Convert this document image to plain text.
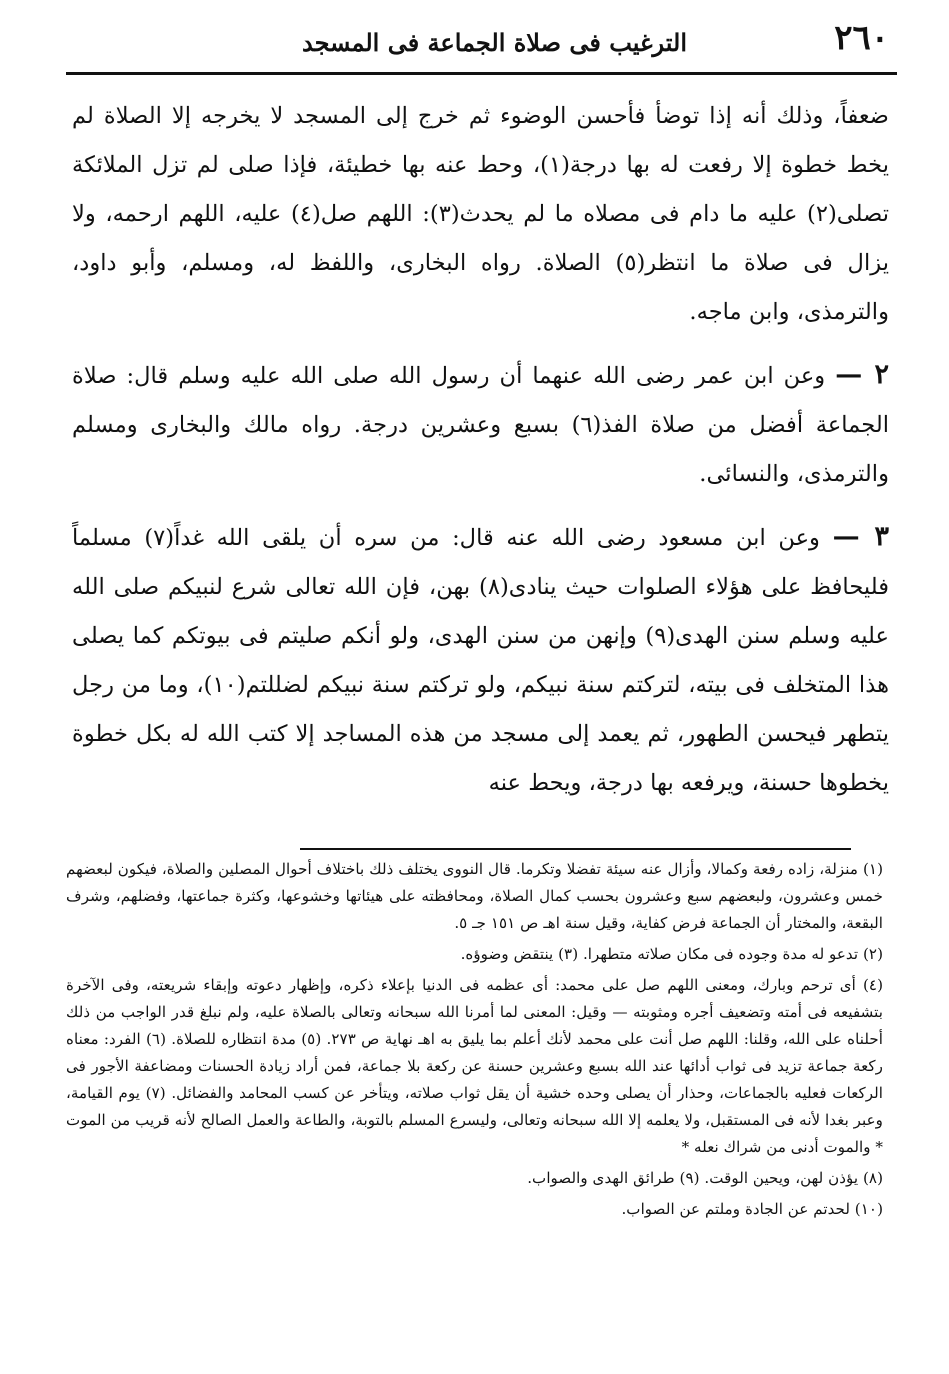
٢٦٠
الترغيب فى صلاة الجماعة فى المسجد

ضعفاً، وذلك أنه إذا توضأ فأحسن الوضوء ثم خرج إلى المسجد لا يخرجه إلا الصلاة لم يخط خطوة إلا رفعت له بها درجة(١)، وحط عنه بها خطيئة، فإذا صلى لم تزل الملائكة تصلى(٢) عليه ما دام فى مصلاه ما لم يحدث(٣): اللهم صل(٤) عليه، اللهم ارحمه، ولا يزال فى صلاة ما انتظر(٥) الصلاة. رواه البخارى، واللفظ له، ومسلم، وأبو داود، والترمذى، وابن ماجه.

٢ — وعن ابن عمر رضى الله عنهما أن رسول الله صلى الله عليه وسلم قال: صلاة الجماعة أفضل من صلاة الفذ(٦) بسبع وعشرين درجة. رواه مالك والبخارى ومسلم والترمذى، والنسائى.

٣ — وعن ابن مسعود رضى الله عنه قال: من سره أن يلقى الله غداً(٧) مسلماً فليحافظ على هؤلاء الصلوات حيث ينادى(٨) بهن، فإن الله تعالى شرع لنبيكم صلى الله عليه وسلم سنن الهدى(٩) وإنهن من سنن الهدى، ولو أنكم صليتم فى بيوتكم كما يصلى هذا المتخلف فى بيته، لتركتم سنة نبيكم، ولو تركتم سنة نبيكم لضللتم(١٠)، وما من رجل يتطهر فيحسن الطهور، ثم يعمد إلى مسجد من هذه المساجد إلا كتب الله له بكل خطوة يخطوها حسنة، ويرفعه بها درجة، ويحط عنه

(١) منزلة، زاده رفعة وكمالا، وأزال عنه سيئة تفضلا وتكرما. قال النووى يختلف ذلك باختلاف أحوال المصلين والصلاة، فيكون لبعضهم خمس وعشرون، ولبعضهم سبع وعشرون بحسب كمال الصلاة، ومحافظته على هيئاتها وخشوعها، وكثرة جماعتها، وفضلهم، وشرف البقعة، والمختار أن الجماعة فرض كفاية، وقيل سنة اهـ ص ١٥١ جـ ٥.

(٢) تدعو له مدة وجوده فى مكان صلاته متطهرا. (٣) ينتقض وضوؤه.

(٤) أى ترحم وبارك، ومعنى اللهم صل على محمد: أى عظمه فى الدنيا بإعلاء ذكره، وإظهار دعوته وإبقاء شريعته، وفى الآخرة بتشفيعه فى أمته وتضعيف أجره ومثوبته — وقيل: المعنى لما أمرنا الله سبحانه وتعالى بالصلاة عليه، ولم نبلغ قدر الواجب من ذلك أحلناه على الله، وقلنا: اللهم صل أنت على محمد لأنك أعلم بما يليق به اهـ نهاية ص ٢٧٣. (٥) مدة انتظاره للصلاة. (٦) الفرد: معناه ركعة جماعة تزيد فى ثواب أدائها عند الله بسبع وعشرين حسنة عن ركعة بلا جماعة، فمن أراد زيادة الحسنات ومضاعفة الأجور فى الركعات فعليه بالجماعات، وحذار أن يصلى وحده خشية أن يقل ثواب صلاته، ويتأخر عن كسب المحامد والفضائل. (٧) يوم القيامة، وعبر بغدا لأنه فى المستقبل، ولا يعلمه إلا الله سبحانه وتعالى، وليسرع المسلم بالتوبة، والطاعة والعمل الصالح لأنه قريب من الموت * والموت أدنى من شراك نعله *

(٨) يؤذن لهن، ويحين الوقت. (٩) طرائق الهدى والصواب.

(١٠) لحدتم عن الجادة وملتم عن الصواب.
